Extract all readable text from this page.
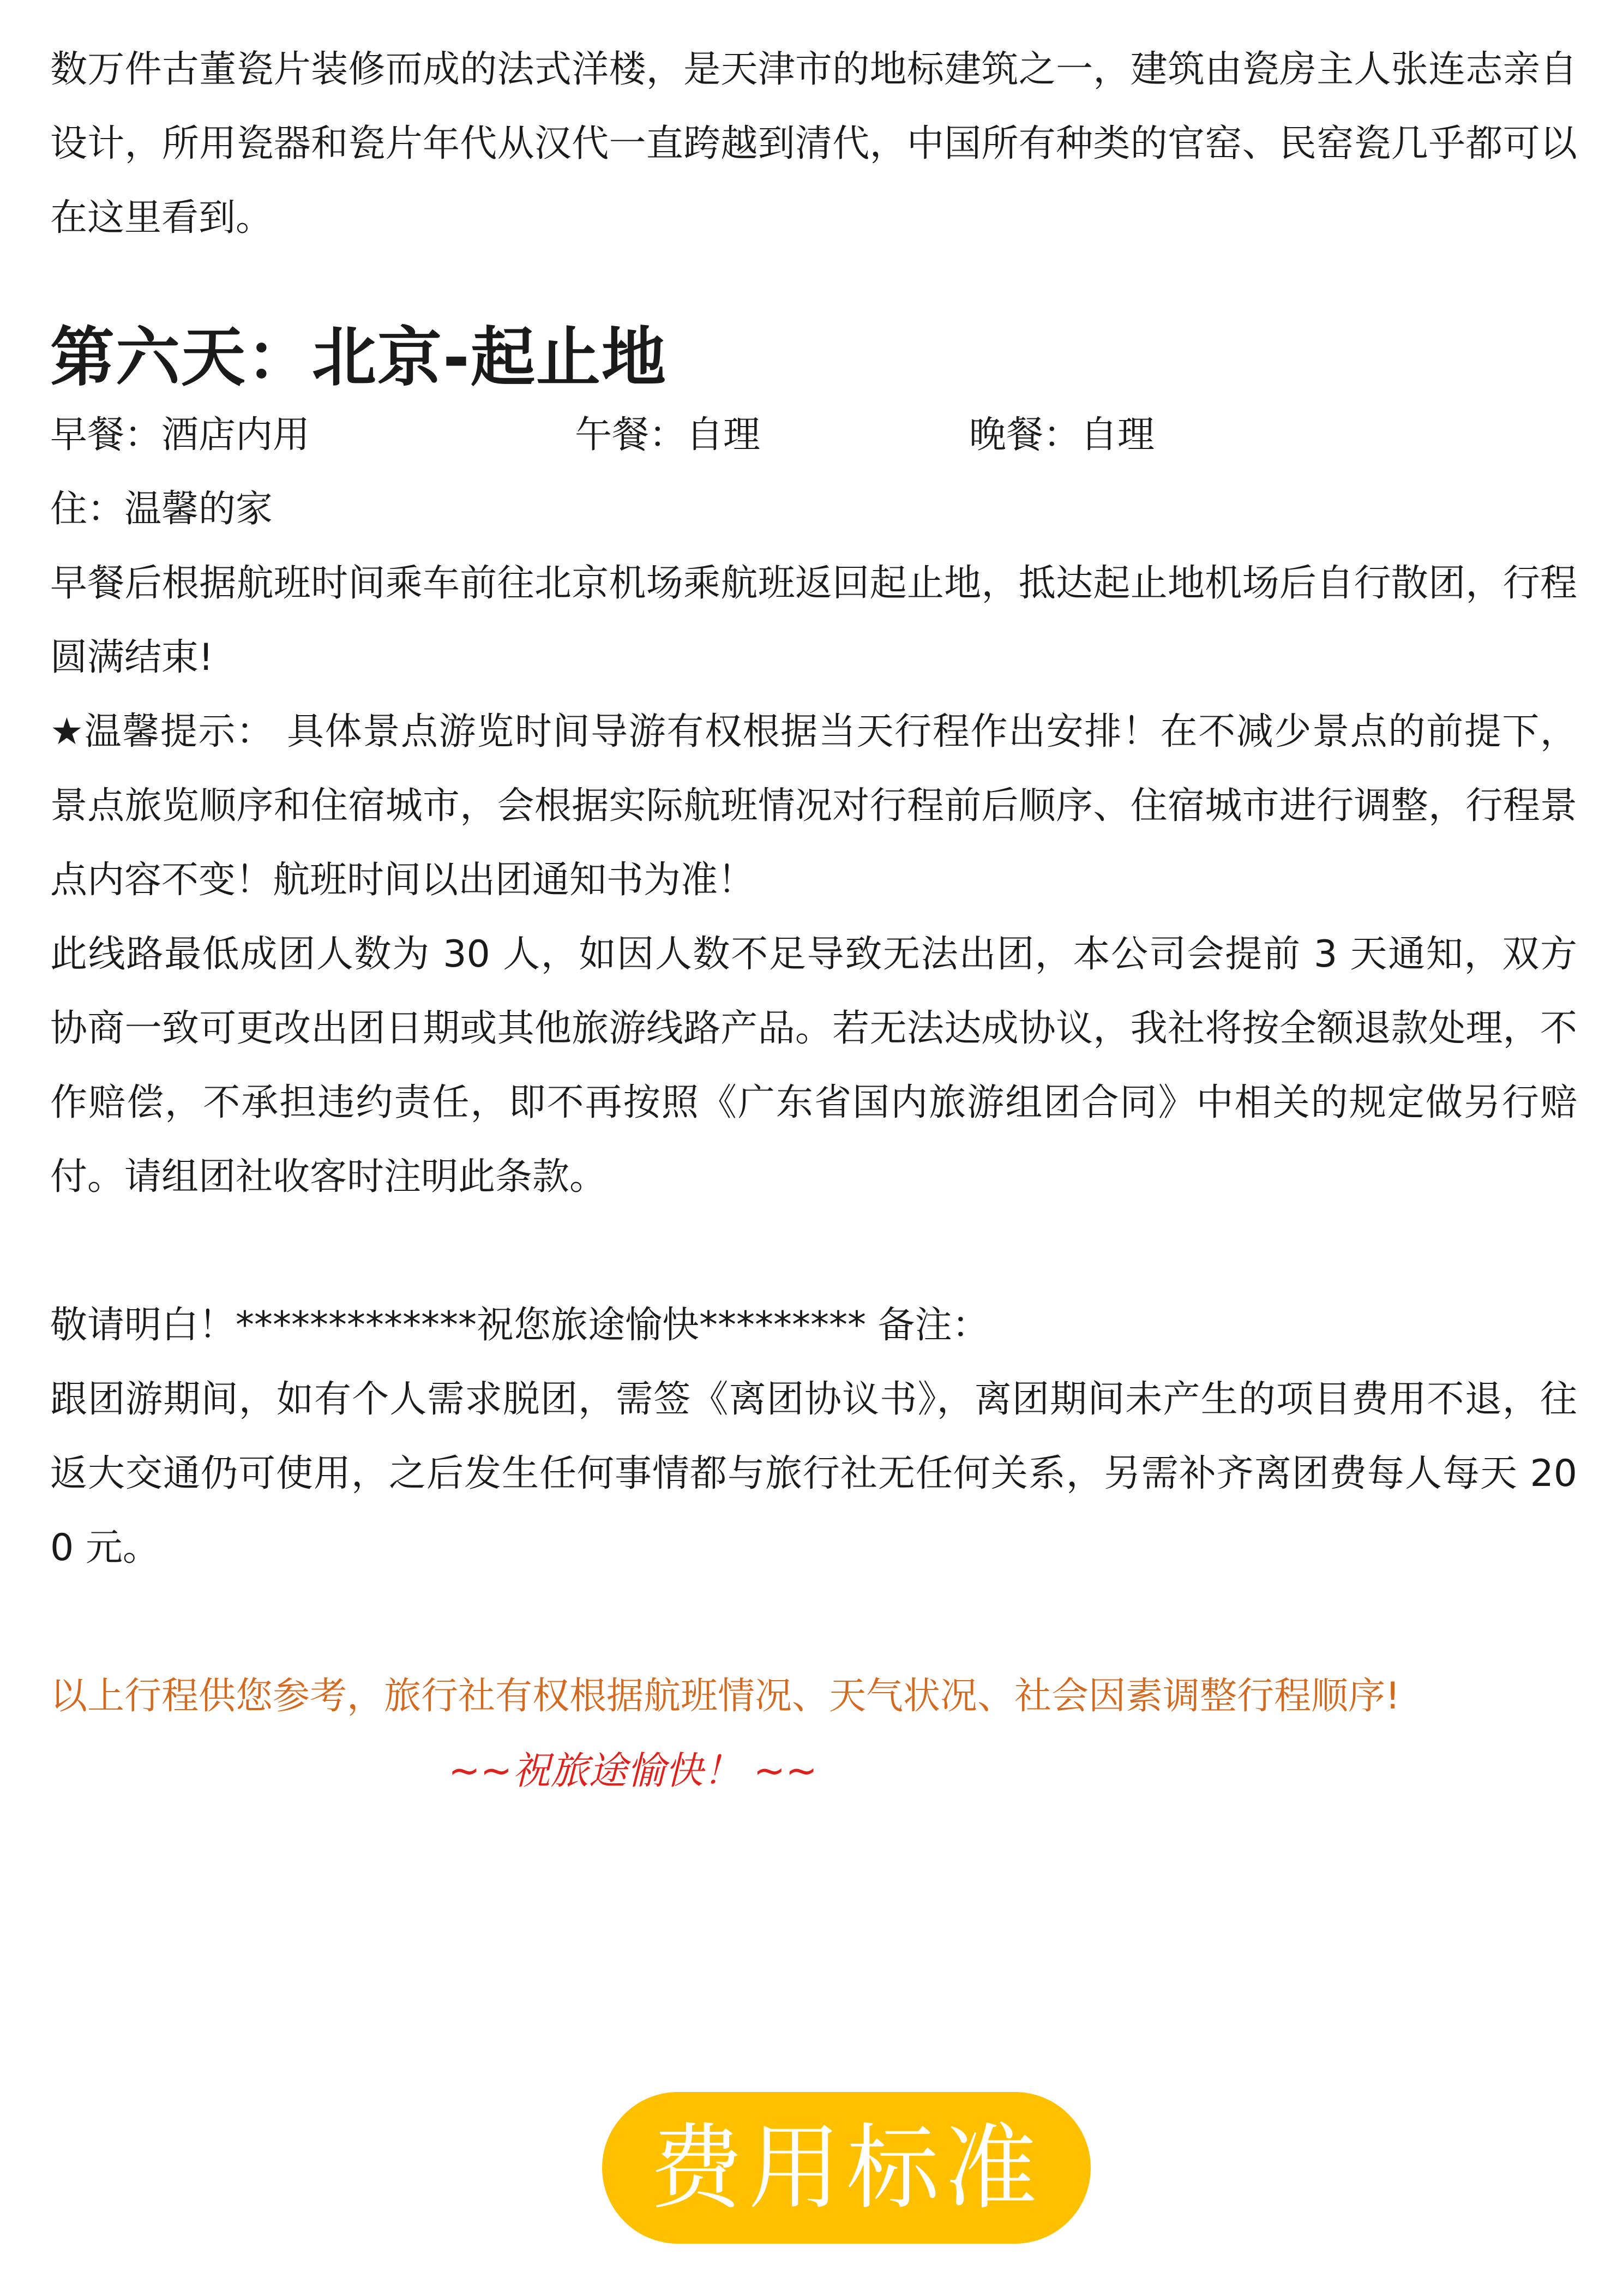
数万件古董瓷片装修而成的法式洋楼，是天津市的地标建筑之一，建筑由瓷房主人张连志亲自设计，所用瓷器和瓷片年代从汉代一直跨越到清代，中国所有种类的官窑、民窑瓷几乎都可以在这里看到。

第六天：北京-起止地
早餐：酒店内用	午餐：自理	晚餐：自理

住：温馨的家

早餐后根据航班时间乘车前往北京机场乘航班返回起止地，抵达起止地机场后自行散团，行程圆满结束!

★温馨提示： 具体景点游览时间导游有权根据当天行程作出安排！在不减少景点的前提下，景点旅览顺序和住宿城市，会根据实际航班情况对行程前后顺序、住宿城市进行调整，行程景点内容不变！航班时间以出团通知书为准！

此线路最低成团人数为 30 人，如因人数不足导致无法出团，本公司会提前 3 天通知，双方协商一致可更改出团日期或其他旅游线路产品。若无法达成协议，我社将按全额退款处理，不作赔偿，不承担违约责任，即不再按照《广东省国内旅游组团合同》中相关的规定做另行赔付。请组团社收客时注明此条款。

敬请明白！*************祝您旅途愉快********* 备注：

跟团游期间，如有个人需求脱团，需签《离团协议书》，离团期间未产生的项目费用不退，往返大交通仍可使用，之后发生任何事情都与旅行社无任何关系，另需补齐离团费每人每天 200 元。

以上行程供您参考，旅行社有权根据航班情况、天气状况、社会因素调整行程顺序!

~~祝旅途愉快！ ~~

费用标准
